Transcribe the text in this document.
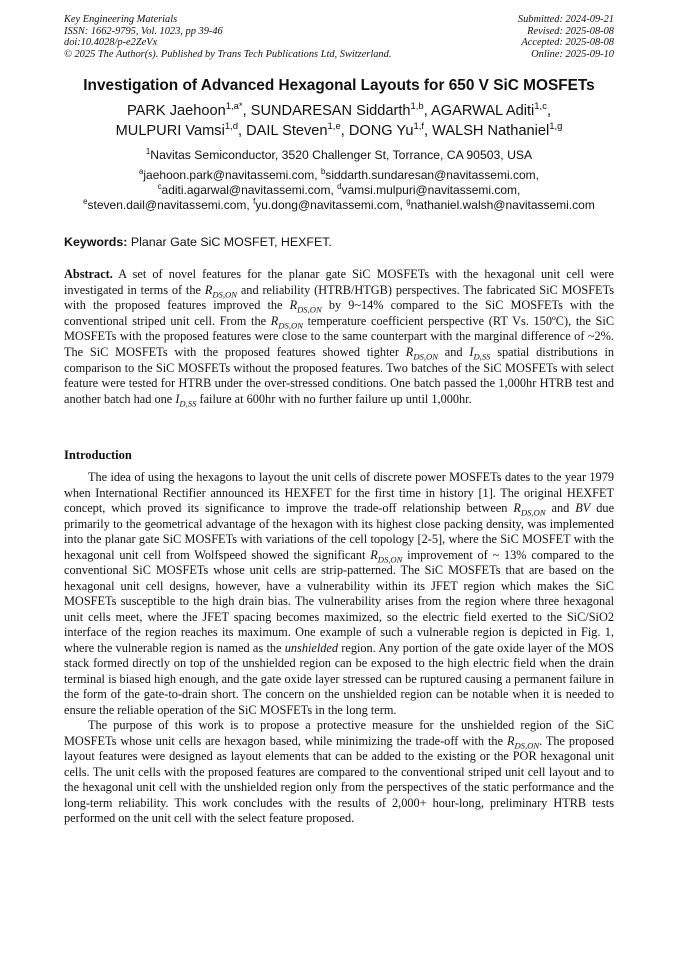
Key Engineering Materials
ISSN: 1662-9795, Vol. 1023, pp 39-46
doi:10.4028/p-e2ZeVx
© 2025 The Author(s). Published by Trans Tech Publications Ltd, Switzerland.
Submitted: 2024-09-21
Revised: 2025-08-08
Accepted: 2025-08-08
Online: 2025-09-10
Investigation of Advanced Hexagonal Layouts for 650 V SiC MOSFETs
PARK Jaehoon$^{1,a*}$, SUNDARESAN Siddarth$^{1,b}$, AGARWAL Aditi$^{1,c}$,
MULPURI Vamsi$^{1,d}$, DAIL Steven$^{1,e}$, DONG Yu$^{1,f}$, WALSH Nathaniel$^{1,g}$
$^1$Navitas Semiconductor, 3520 Challenger St, Torrance, CA 90503, USA
$^a$jaehoon.park@navitassemi.com, $^b$siddarth.sundaresan@navitassemi.com,
$^c$aditi.agarwal@navitassemi.com, $^d$vamsi.mulpuri@navitassemi.com,
$^e$steven.dail@navitassemi.com, $^f$yu.dong@navitassemi.com, $^g$nathaniel.walsh@navitassemi.com
Keywords: Planar Gate SiC MOSFET, HEXFET.
Abstract. A set of novel features for the planar gate SiC MOSFETs with the hexagonal unit cell were investigated in terms of the $R_{DS,ON}$ and reliability (HTRB/HTGB) perspectives. The fabricated SiC MOSFETs with the proposed features improved the $R_{DS,ON}$ by 9~14% compared to the SiC MOSFETs with the conventional striped unit cell. From the $R_{DS,ON}$ temperature coefficient perspective (RT Vs. 150ºC), the SiC MOSFETs with the proposed features were close to the same counterpart with the marginal difference of ~2%. The SiC MOSFETs with the proposed features showed tighter $R_{DS,ON}$ and $I_{D,SS}$ spatial distributions in comparison to the SiC MOSFETs without the proposed features. Two batches of the SiC MOSFETs with select feature were tested for HTRB under the over-stressed conditions. One batch passed the 1,000hr HTRB test and another batch had one $I_{D,SS}$ failure at 600hr with no further failure up until 1,000hr.
Introduction

The idea of using the hexagons to layout the unit cells of discrete power MOSFETs dates to the year 1979 when International Rectifier announced its HEXFET for the first time in history [1]. The original HEXFET concept, which proved its significance to improve the trade-off relationship between $R_{DS,ON}$ and BV due primarily to the geometrical advantage of the hexagon with its highest close packing density, was implemented into the planar gate SiC MOSFETs with variations of the cell topology [2-5], where the SiC MOSFET with the hexagonal unit cell from Wolfspeed showed the significant $R_{DS,ON}$ improvement of ~ 13% compared to the conventional SiC MOSFETs whose unit cells are strip-patterned. The SiC MOSFETs that are based on the hexagonal unit cell designs, however, have a vulnerability within its JFET region which makes the SiC MOSFETs susceptible to the high drain bias. The vulnerability arises from the region where three hexagonal unit cells meet, where the JFET spacing becomes maximized, so the electric field exerted to the SiC/SiO2 interface of the region reaches its maximum. One example of such a vulnerable region is depicted in Fig. 1, where the vulnerable region is named as the unshielded region. Any portion of the gate oxide layer of the MOS stack formed directly on top of the unshielded region can be exposed to the high electric field when the drain terminal is biased high enough, and the gate oxide layer stressed can be ruptured causing a permanent failure in the form of the gate-to-drain short. The concern on the unshielded region can be notable when it is needed to ensure the reliable operation of the SiC MOSFETs in the long term.

The purpose of this work is to propose a protective measure for the unshielded region of the SiC MOSFETs whose unit cells are hexagon based, while minimizing the trade-off with the $R_{DS,ON}$. The proposed layout features were designed as layout elements that can be added to the existing or the POR hexagonal unit cells. The unit cells with the proposed features are compared to the conventional striped unit cell layout and to the hexagonal unit cell with the unshielded region only from the perspectives of the static performance and the long-term reliability. This work concludes with the results of 2,000+ hour-long, preliminary HTRB tests performed on the unit cell with the select feature proposed.
